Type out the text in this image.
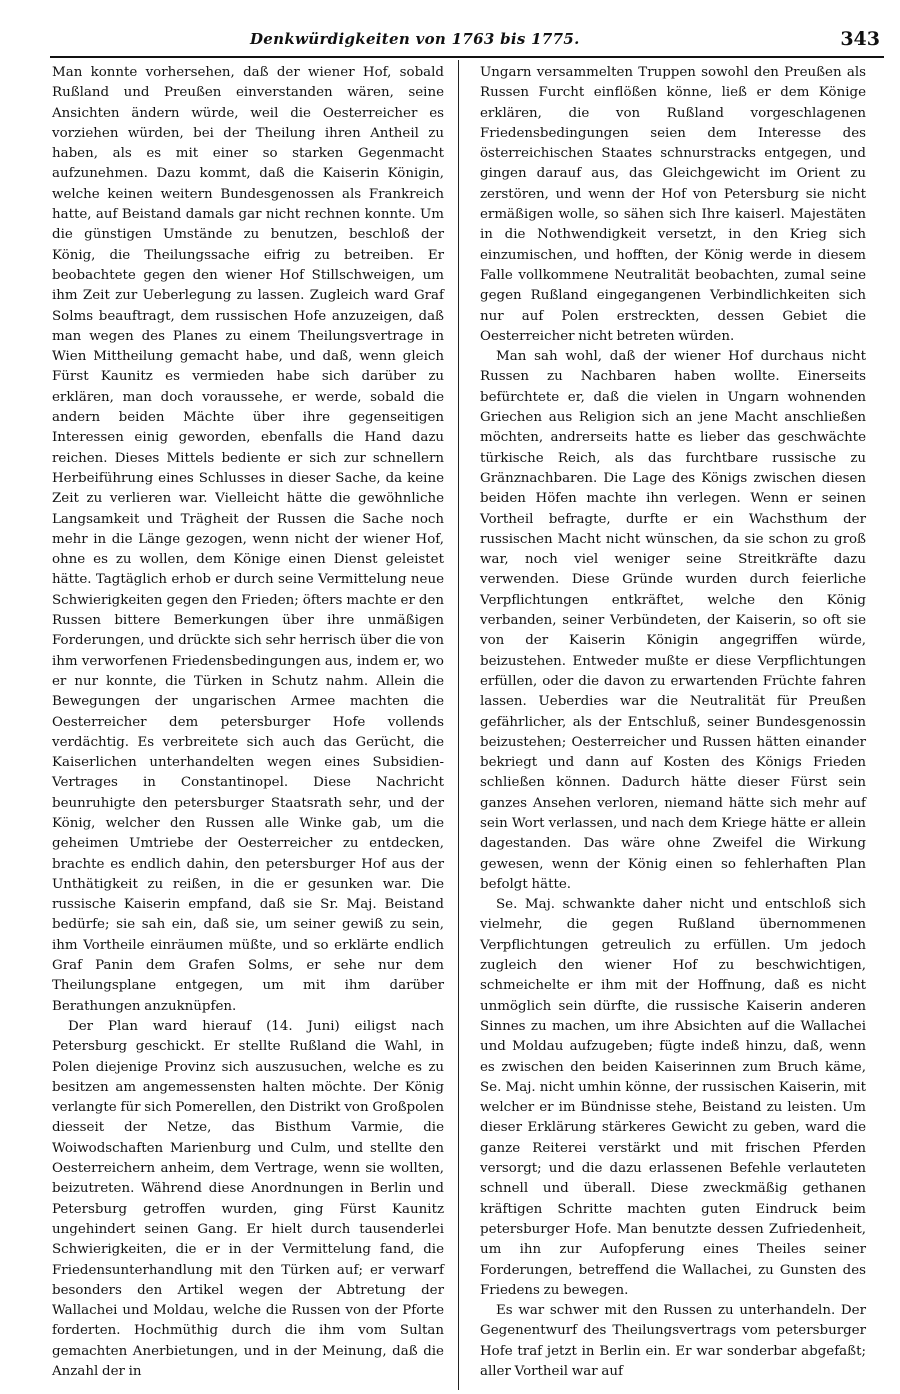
Denkwürdigkeiten von 1763 bis 1775.	343

Man konnte vorhersehen, daß der wiener Hof, sobald Rußland und Preußen einverstanden wären, seine Ansichten ändern würde, weil die Oesterreicher es vorziehen würden, bei der Theilung ihren Antheil zu haben, als es mit einer so starken Gegenmacht aufzunehmen. Dazu kommt, daß die Kaiserin Königin, welche keinen weitern Bundesgenossen als Frankreich hatte, auf Beistand damals gar nicht rechnen konnte. Um die günstigen Umstände zu benutzen, beschloß der König, die Theilungssache eifrig zu betreiben. Er beobachtete gegen den wiener Hof Stillschweigen, um ihm Zeit zur Ueberlegung zu lassen. Zugleich ward Graf Solms beauftragt, dem russischen Hofe anzuzeigen, daß man wegen des Planes zu einem Theilungsvertrage in Wien Mittheilung gemacht habe, und daß, wenn gleich Fürst Kaunitz es vermieden habe sich darüber zu erklären, man doch voraussehe, er werde, sobald die andern beiden Mächte über ihre gegenseitigen Interessen einig geworden, ebenfalls die Hand dazu reichen. Dieses Mittels bediente er sich zur schnellern Herbeiführung eines Schlusses in dieser Sache, da keine Zeit zu verlieren war. Vielleicht hätte die gewöhnliche Langsamkeit und Trägheit der Russen die Sache noch mehr in die Länge gezogen, wenn nicht der wiener Hof, ohne es zu wollen, dem Könige einen Dienst geleistet hätte. Tagtäglich erhob er durch seine Vermittelung neue Schwierigkeiten gegen den Frieden; öfters machte er den Russen bittere Bemerkungen über ihre unmäßigen Forderungen, und drückte sich sehr herrisch über die von ihm verworfenen Friedensbedingungen aus, indem er, wo er nur konnte, die Türken in Schutz nahm. Allein die Bewegungen der ungarischen Armee machten die Oesterreicher dem petersburger Hofe vollends verdächtig. Es verbreitete sich auch das Gerücht, die Kaiserlichen unterhandelten wegen eines Subsidien-Vertrages in Constantinopel. Diese Nachricht beunruhigte den petersburger Staatsrath sehr, und der König, welcher den Russen alle Winke gab, um die geheimen Umtriebe der Oesterreicher zu entdecken, brachte es endlich dahin, den petersburger Hof aus der Unthätigkeit zu reißen, in die er gesunken war. Die russische Kaiserin empfand, daß sie Sr. Maj. Beistand bedürfe; sie sah ein, daß sie, um seiner gewiß zu sein, ihm Vortheile einräumen müßte, und so erklärte endlich Graf Panin dem Grafen Solms, er sehe nur dem Theilungsplane entgegen, um mit ihm darüber Berathungen anzuknüpfen.

Der Plan ward hierauf (14. Juni) eiligst nach Petersburg geschickt. Er stellte Rußland die Wahl, in Polen diejenige Provinz sich auszusuchen, welche es zu besitzen am angemessensten halten möchte. Der König verlangte für sich Pomerellen, den Distrikt von Großpolen diesseit der Netze, das Bisthum Varmie, die Woiwodschaften Marienburg und Culm, und stellte den Oesterreichern anheim, dem Vertrage, wenn sie wollten, beizutreten. Während diese Anordnungen in Berlin und Petersburg getroffen wurden, ging Fürst Kaunitz ungehindert seinen Gang. Er hielt durch tausenderlei Schwierigkeiten, die er in der Vermittelung fand, die Friedensunterhandlung mit den Türken auf; er verwarf besonders den Artikel wegen der Abtretung der Wallachei und Moldau, welche die Russen von der Pforte forderten. Hochmüthig durch die ihm vom Sultan gemachten Anerbietungen, und in der Meinung, daß die Anzahl der in

Ungarn versammelten Truppen sowohl den Preußen als Russen Furcht einflößen könne, ließ er dem Könige erklären, die von Rußland vorgeschlagenen Friedensbedingungen seien dem Interesse des österreichischen Staates schnurstracks entgegen, und gingen darauf aus, das Gleichgewicht im Orient zu zerstören, und wenn der Hof von Petersburg sie nicht ermäßigen wolle, so sähen sich Ihre kaiserl. Majestäten in die Nothwendigkeit versetzt, in den Krieg sich einzumischen, und hofften, der König werde in diesem Falle vollkommene Neutralität beobachten, zumal seine gegen Rußland eingegangenen Verbindlichkeiten sich nur auf Polen erstreckten, dessen Gebiet die Oesterreicher nicht betreten würden.

Man sah wohl, daß der wiener Hof durchaus nicht Russen zu Nachbaren haben wollte. Einerseits befürchtete er, daß die vielen in Ungarn wohnenden Griechen aus Religion sich an jene Macht anschließen möchten, andrerseits hatte es lieber das geschwächte türkische Reich, als das furchtbare russische zu Gränznachbaren. Die Lage des Königs zwischen diesen beiden Höfen machte ihn verlegen. Wenn er seinen Vortheil befragte, durfte er ein Wachsthum der russischen Macht nicht wünschen, da sie schon zu groß war, noch viel weniger seine Streitkräfte dazu verwenden. Diese Gründe wurden durch feierliche Verpflichtungen entkräftet, welche den König verbanden, seiner Verbündeten, der Kaiserin, so oft sie von der Kaiserin Königin angegriffen würde, beizustehen. Entweder mußte er diese Verpflichtungen erfüllen, oder die davon zu erwartenden Früchte fahren lassen. Ueberdies war die Neutralität für Preußen gefährlicher, als der Entschluß, seiner Bundesgenossin beizustehen; Oesterreicher und Russen hätten einander bekriegt und dann auf Kosten des Königs Frieden schließen können. Dadurch hätte dieser Fürst sein ganzes Ansehen verloren, niemand hätte sich mehr auf sein Wort verlassen, und nach dem Kriege hätte er allein dagestanden. Das wäre ohne Zweifel die Wirkung gewesen, wenn der König einen so fehlerhaften Plan befolgt hätte.

Se. Maj. schwankte daher nicht und entschloß sich vielmehr, die gegen Rußland übernommenen Verpflichtungen getreulich zu erfüllen. Um jedoch zugleich den wiener Hof zu beschwichtigen, schmeichelte er ihm mit der Hoffnung, daß es nicht unmöglich sein dürfte, die russische Kaiserin anderen Sinnes zu machen, um ihre Absichten auf die Wallachei und Moldau aufzugeben; fügte indeß hinzu, daß, wenn es zwischen den beiden Kaiserinnen zum Bruch käme, Se. Maj. nicht umhin könne, der russischen Kaiserin, mit welcher er im Bündnisse stehe, Beistand zu leisten. Um dieser Erklärung stärkeres Gewicht zu geben, ward die ganze Reiterei verstärkt und mit frischen Pferden versorgt; und die dazu erlassenen Befehle verlauteten schnell und überall. Diese zweckmäßig gethanen kräftigen Schritte machten guten Eindruck beim petersburger Hofe. Man benutzte dessen Zufriedenheit, um ihn zur Aufopferung eines Theiles seiner Forderungen, betreffend die Wallachei, zu Gunsten des Friedens zu bewegen.

Es war schwer mit den Russen zu unterhandeln. Der Gegenentwurf des Theilungsvertrags vom petersburger Hofe traf jetzt in Berlin ein. Er war sonderbar abgefaßt; aller Vortheil war auf
